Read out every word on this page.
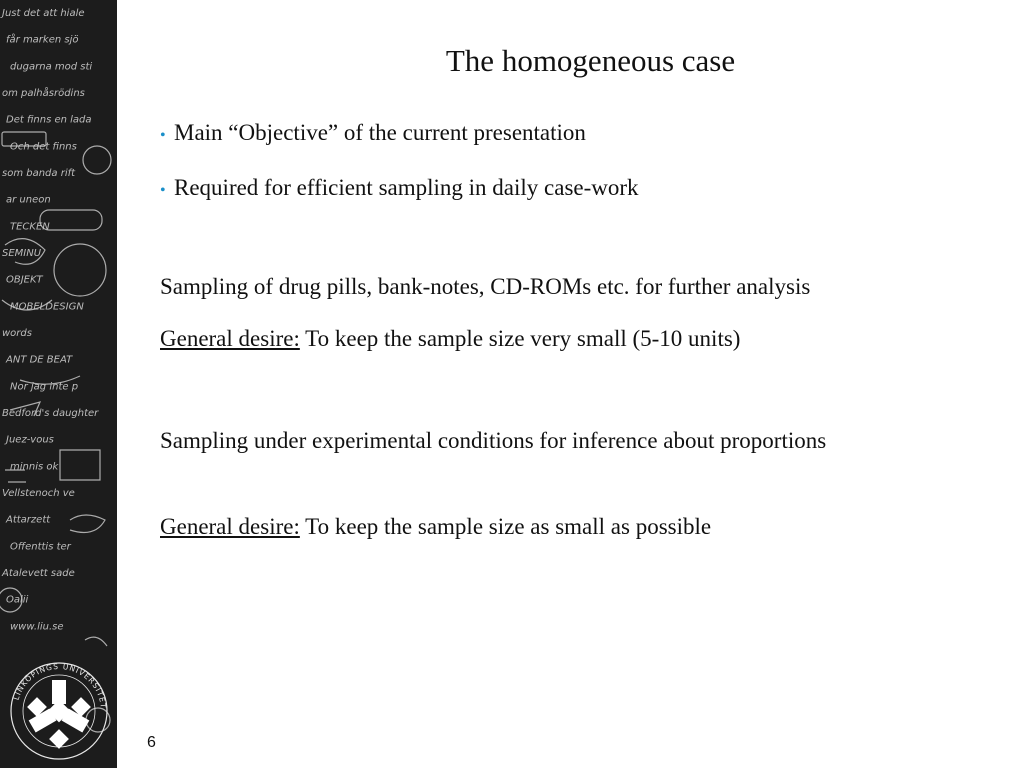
Just det att hiale
får marken sjö
dugarna mod sti
om palhåsrödins
Det finns en lada
Och det finns
som banda rift
ar uneon
TECKEN
SEMINU
OBJEKT
MOBELDESIGN
words
ANT DE BEAT
Nor jag inte p
Bedford's daughter
Juez-vous
minnis ok
Vellstenoch ve
Attarzett
Offenttis ter
Atalevett sade
Oalii
www.liu.se
LINKÖPINGS UNIVERSITET
The homogeneous case
• Main “Objective” of the current presentation
• Required for efficient sampling in daily case-work
Sampling of drug pills, bank-notes, CD-ROMs etc. for further analysis
General desire: To keep the sample size very small (5-10 units)
Sampling under experimental conditions for inference about proportions
General desire: To keep the sample size as small as possible
6
